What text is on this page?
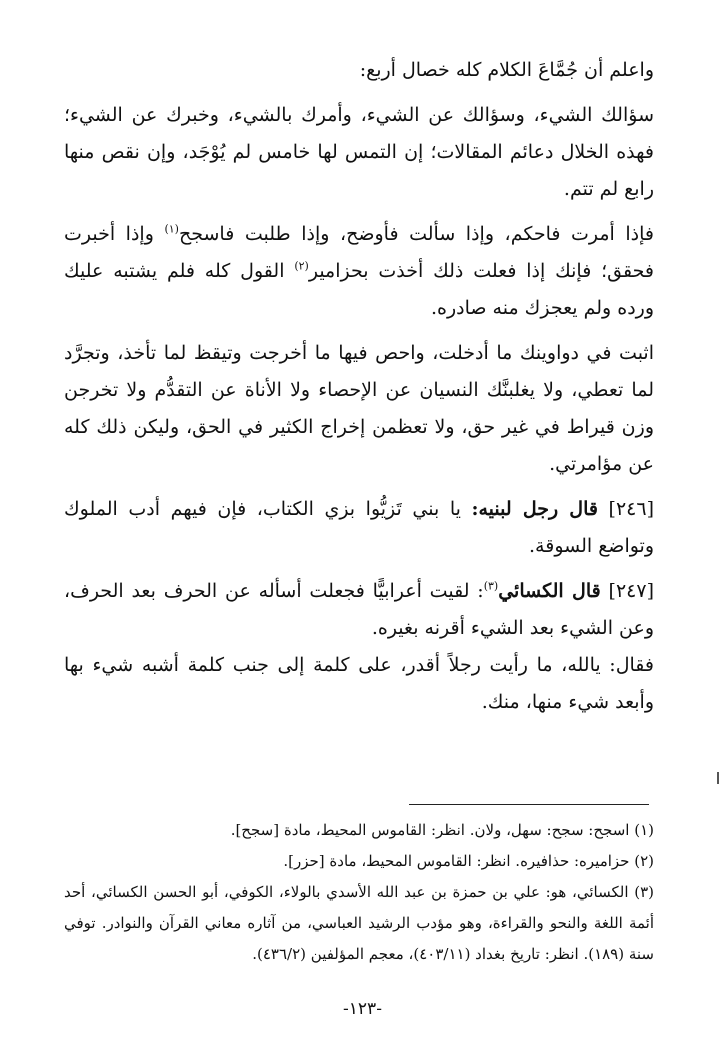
واعلم أن جُمَّاعَ الكلام كله خصال أربع:

سؤالك الشيء، وسؤالك عن الشيء، وأمرك بالشيء، وخبرك عن الشيء؛ فهذه الخلال دعائم المقالات؛ إن التمس لها خامس لم يُوْجَد، وإن نقص منها رابع لم تتم.

فإذا أمرت فاحكم، وإذا سألت فأوضح، وإذا طلبت فاسجح$^{(١)}$ وإذا أخبرت فحقق؛ فإنك إذا فعلت ذلك أخذت بحزامير$^{(٢)}$ القول كله فلم يشتبه عليك ورده ولم يعجزك منه صادره.

اثبت في دواوينك ما أدخلت، واحص فيها ما أخرجت وتيقظ لما تأخذ، وتجرَّد لما تعطي، ولا يغلبنَّك النسيان عن الإحصاء ولا الأناة عن التقدُّم ولا تخرجن وزن قيراط في غير حق، ولا تعظمن إخراج الكثير في الحق، وليكن ذلك كله عن مؤامرتي.

[٢٤٦] قال رجل لبنيه: يا بني تَزيُّوا بزي الكتاب، فإن فيهم أدب الملوك وتواضع السوقة.

[٢٤٧] قال الكسائي$^{(٣)}$: لقيت أعرابيًّا فجعلت أسأله عن الحرف بعد الحرف، وعن الشيء بعد الشيء أقرنه بغيره.

فقال: يالله، ما رأيت رجلاً أقدر، على كلمة إلى جنب كلمة أشبه شيء بها وأبعد شيء منها، منك.

(١) اسجح: سجح: سهل، ولان. انظر: القاموس المحيط، مادة [سجح].

(٢) حزاميره: حذافيره. انظر: القاموس المحيط، مادة [حزر].

(٣) الكسائي، هو: علي بن حمزة بن عبد الله الأسدي بالولاء، الكوفي، أبو الحسن الكسائي، أحد أئمة اللغة والنحو والقراءة، وهو مؤدب الرشيد العباسي، من آثاره معاني القرآن والنوادر. توفي سنة (١٨٩). انظر: تاريخ بغداد (٤٠٣/١١)، معجم المؤلفين (٤٣٦/٢).

-١٢٣-
